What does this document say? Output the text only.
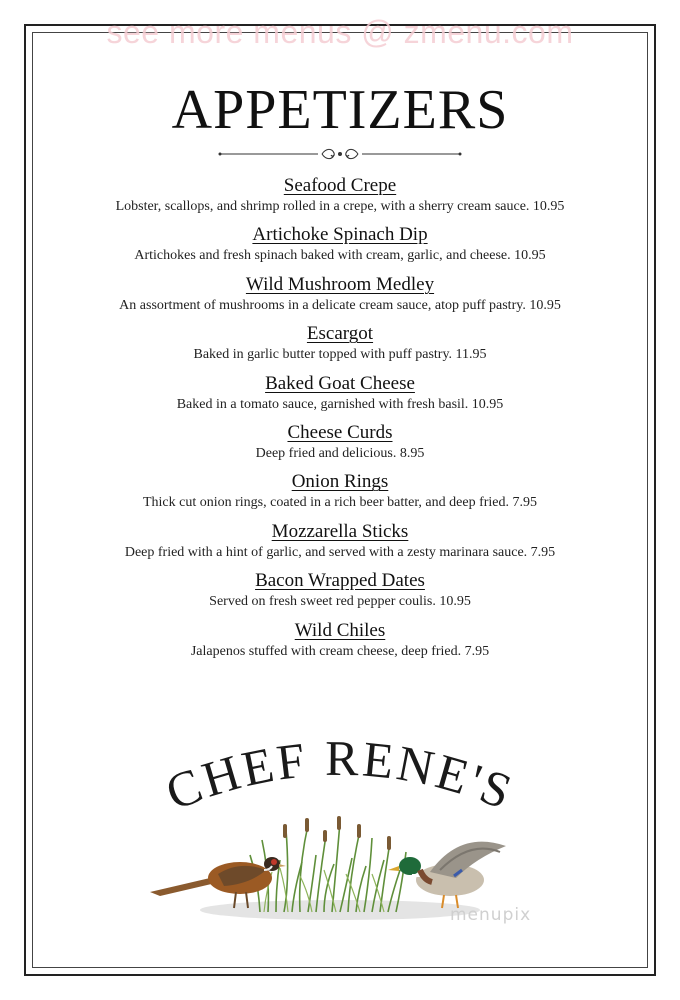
see more menus @ zmenu.com
APPETIZERS
Seafood Crepe
Lobster, scallops, and shrimp rolled in a crepe, with a sherry cream sauce. 10.95
Artichoke Spinach Dip
Artichokes and fresh spinach baked with cream, garlic, and cheese. 10.95
Wild Mushroom Medley
An assortment of mushrooms in a delicate cream sauce, atop puff pastry. 10.95
Escargot
Baked in garlic butter topped with puff pastry. 11.95
Baked Goat Cheese
Baked in a tomato sauce, garnished with fresh basil. 10.95
Cheese Curds
Deep fried and delicious. 8.95
Onion Rings
Thick cut onion rings, coated in a rich beer batter, and deep fried. 7.95
Mozzarella Sticks
Deep fried with a hint of garlic, and served with a zesty marinara sauce. 7.95
Bacon Wrapped Dates
Served on fresh sweet red pepper coulis. 10.95
Wild Chiles
Jalapenos stuffed with cream cheese, deep fried. 7.95
CHEF RENE'S
menupix
